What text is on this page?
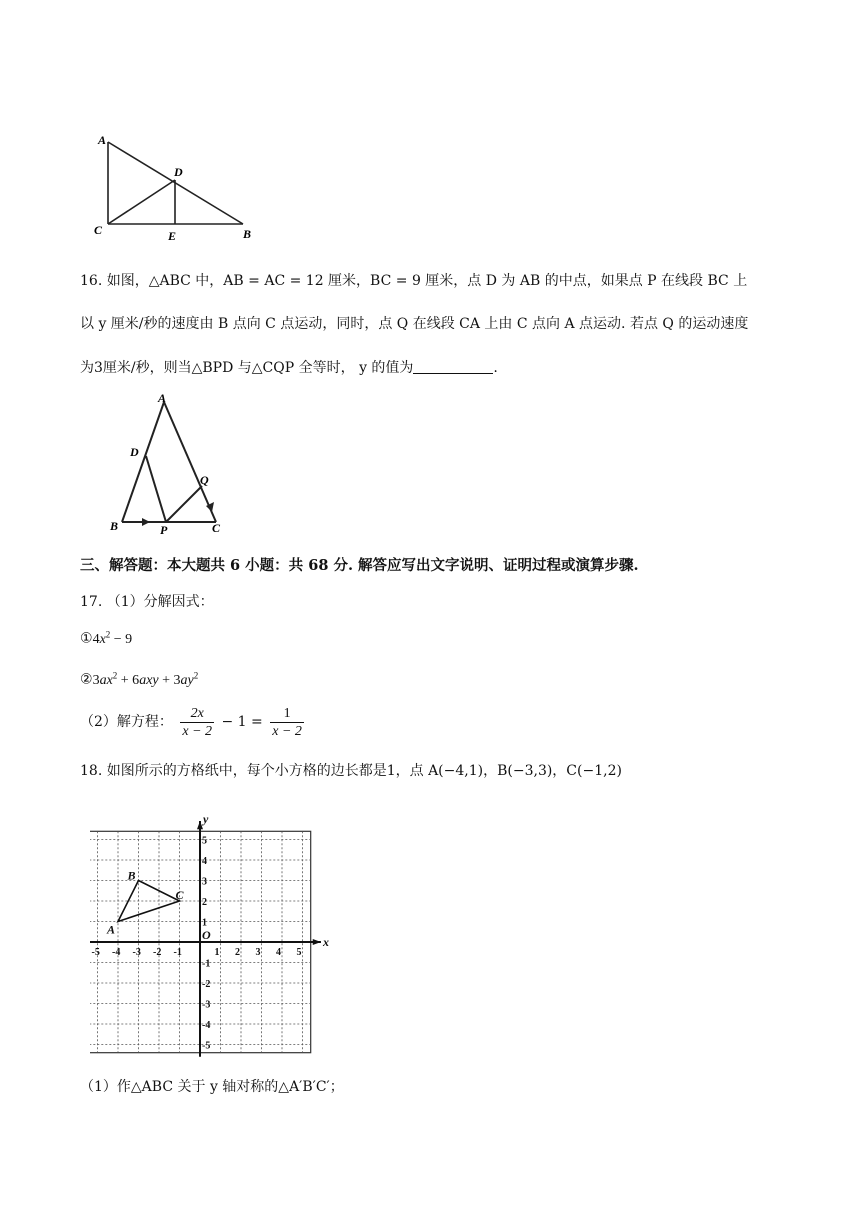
A
D
C	E	B
16. 如图，△ABC 中，AB = AC = 12 厘米，BC = 9 厘米，点 D 为 AB 的中点，如果点 P 在线段 BC 上
以 y 厘米/秒的速度由 B 点向 C 点运动，同时，点 Q 在线段 CA 上由 C 点向 A 点运动. 若点 Q 的运动速度
为3厘米/秒，则当△BPD 与△CQP 全等时， y 的值为	.
A
D
Q
B	P	C
三、解答题：本大题共 6 小题：共 68 分. 解答应写出文字说明、证明过程或演算步骤.
17. （1）分解因式：
$①4x^2 - 9$
$②3ax^2 + 6axy + 3ay^2$
（2）解方程： $\frac{2x}{x - 2} - 1 = \frac{1}{x - 2}$
18. 如图所示的方格纸中，每个小方格的边长都是1，点 A(−4,1)，B(−3,3)，C(−1,2)
x
y
O
-5 -4 -3 -2 -1	1 2 3 4 5
5
4
3
2
1
-1
-2
-3
-4
-5
A
B
C
（1）作△ABC 关于 y 轴对称的△A′B′C′；
